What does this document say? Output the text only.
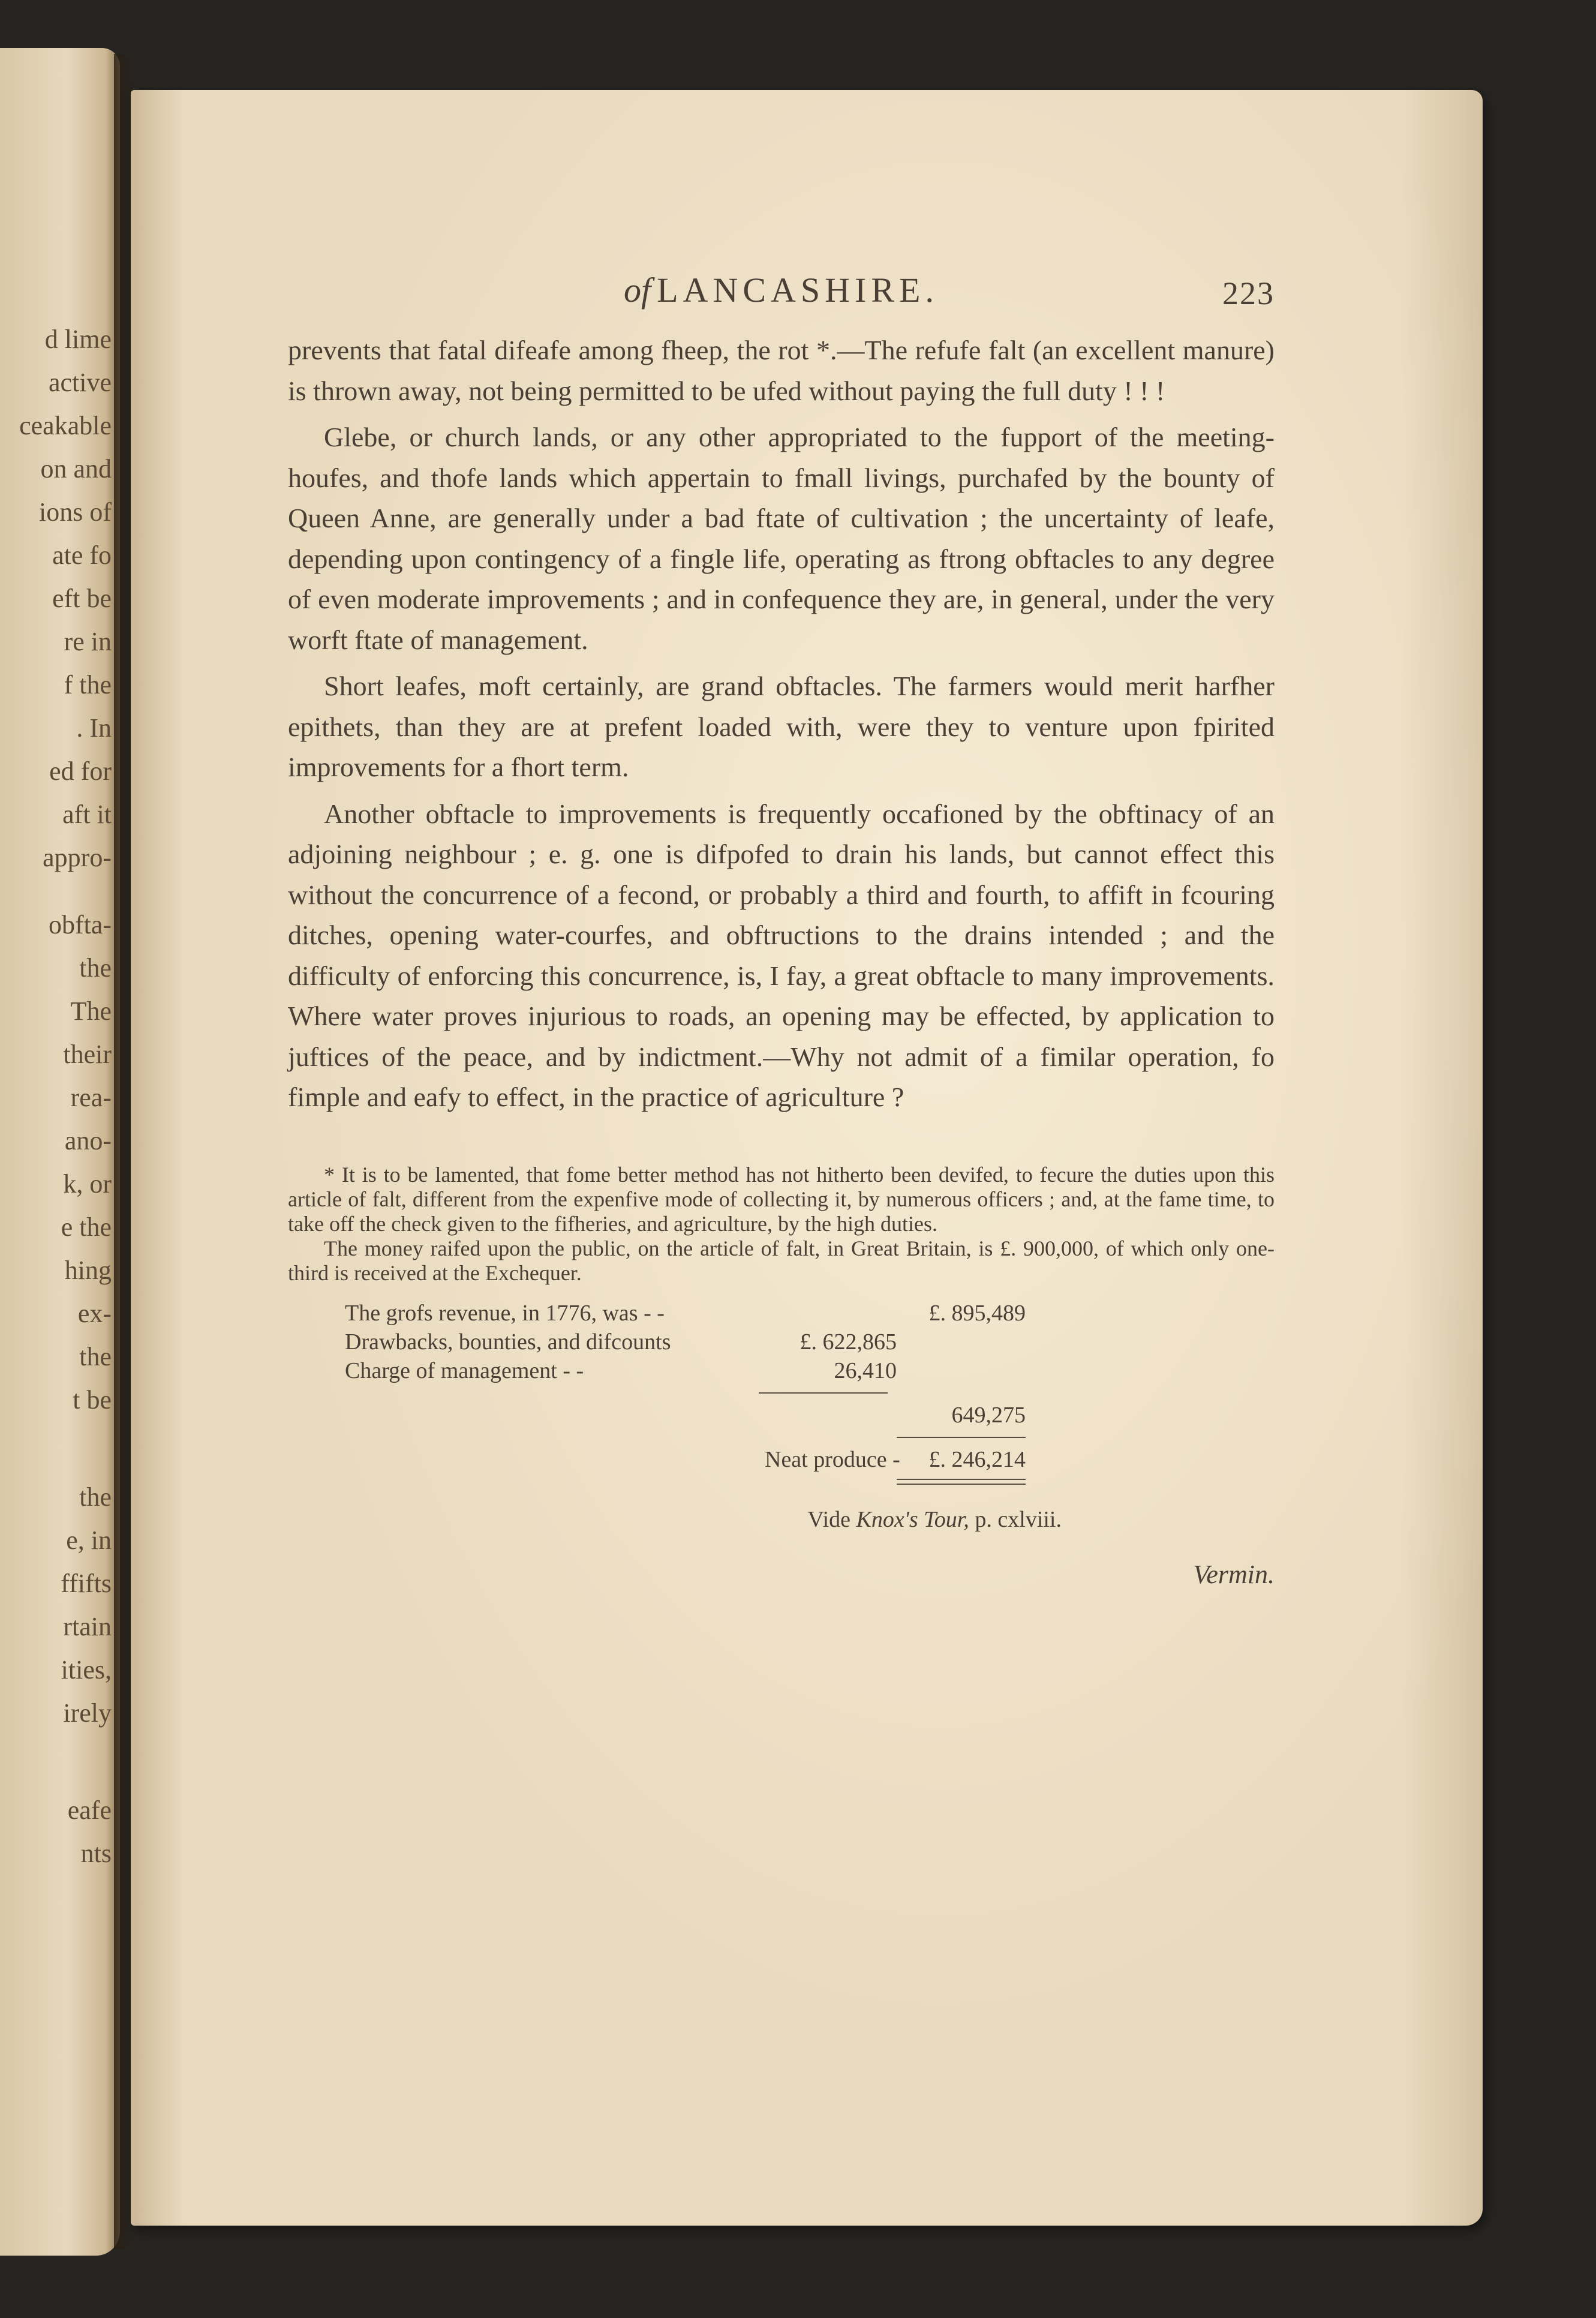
d lime
active
ceakable
on and
ions of
ate fo
eft be
re in
f the
. In
ed for
aft it
appro-
obfta-
the
The
their
rea-
ano-
k, or
e the
hing
ex-
the
t be
the
e, in
ffifts
rtain
ities,
irely
eafe
nts
of LANCASHIRE.	223

prevents that fatal difeafe among fheep, the rot *.—The refufe falt (an excellent manure) is thrown away, not being permitted to be ufed without paying the full duty ! ! !

Glebe, or church lands, or any other appropriated to the fupport of the meeting-houfes, and thofe lands which appertain to fmall livings, purchafed by the bounty of Queen Anne, are generally under a bad ftate of cultivation ; the uncertainty of leafe, depending upon contingency of a fingle life, operating as ftrong obftacles to any degree of even moderate improvements ; and in confequence they are, in general, under the very worft ftate of management.

Short leafes, moft certainly, are grand obftacles. The farmers would merit harfher epithets, than they are at prefent loaded with, were they to venture upon fpirited improvements for a fhort term.

Another obftacle to improvements is frequently occafioned by the obftinacy of an adjoining neighbour ; e. g. one is difpofed to drain his lands, but cannot effect this without the concurrence of a fecond, or probably a third and fourth, to affift in fcouring ditches, opening water-courfes, and obftructions to the drains intended ; and the difficulty of enforcing this concurrence, is, I fay, a great obftacle to many improvements. Where water proves injurious to roads, an opening may be effected, by application to juftices of the peace, and by indictment.—Why not admit of a fimilar operation, fo fimple and eafy to effect, in the practice of agriculture ?

* It is to be lamented, that fome better method has not hitherto been devifed, to fecure the duties upon this article of falt, different from the expenfive mode of collecting it, by numerous officers ; and, at the fame time, to take off the check given to the fifheries, and agriculture, by the high duties.

The money raifed upon the public, on the article of falt, in Great Britain, is £. 900,000, of which only one-third is received at the Exchequer.

The grofs revenue, in 1776, was - -	£. 895,489
Drawbacks, bounties, and difcounts	£. 622,865
Charge of management - -	26,410
649,275
Neat produce -	£. 246,214
Vide Knox's Tour, p. cxlviii.
Vermin.
